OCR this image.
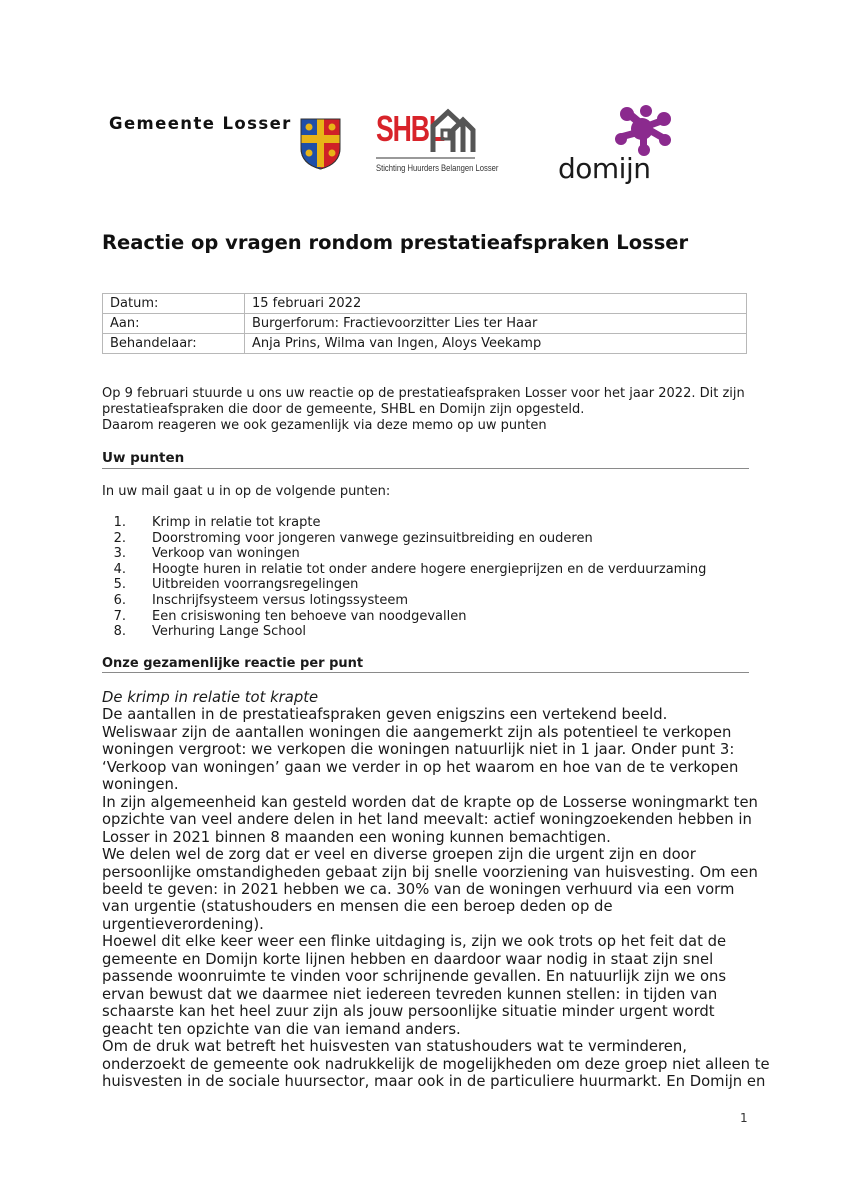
Gemeente Losser SHBL
Stichting Huurders Belangen Losser domijn
Reactie op vragen rondom prestatieafspraken Losser
Datum:	15 februari 2022
Aan:	Burgerforum: Fractievoorzitter Lies ter Haar
Behandelaar:	Anja Prins, Wilma van Ingen, Aloys Veekamp

Op 9 februari stuurde u ons uw reactie op de prestatieafspraken Losser voor het jaar 2022. Dit zijn

prestatieafspraken die door de gemeente, SHBL en Domijn zijn opgesteld.

Daarom reageren we ook gezamenlijk via deze memo op uw punten

Uw punten

In uw mail gaat u in op de volgende punten:

1. Krimp in relatie tot krapte
2. Doorstroming voor jongeren vanwege gezinsuitbreiding en ouderen
3. Verkoop van woningen
4. Hoogte huren in relatie tot onder andere hogere energieprijzen en de verduurzaming
5. Uitbreiden voorrangsregelingen
6. Inschrijfsysteem versus lotingssysteem
7. Een crisiswoning ten behoeve van noodgevallen
8. Verhuring Lange School
Onze gezamenlijke reactie per punt

De krimp in relatie tot krapte

De aantallen in de prestatieafspraken geven enigszins een vertekend beeld.

Weliswaar zijn de aantallen woningen die aangemerkt zijn als potentieel te verkopen

woningen vergroot: we verkopen die woningen natuurlijk niet in 1 jaar. Onder punt 3:

‘Verkoop van woningen’ gaan we verder in op het waarom en hoe van de te verkopen

woningen.

In zijn algemeenheid kan gesteld worden dat de krapte op de Losserse woningmarkt ten

opzichte van veel andere delen in het land meevalt: actief woningzoekenden hebben in

Losser in 2021 binnen 8 maanden een woning kunnen bemachtigen.

We delen wel de zorg dat er veel en diverse groepen zijn die urgent zijn en door

persoonlijke omstandigheden gebaat zijn bij snelle voorziening van huisvesting. Om een

beeld te geven: in 2021 hebben we ca. 30% van de woningen verhuurd via een vorm

van urgentie (statushouders en mensen die een beroep deden op de

urgentieverordening).

Hoewel dit elke keer weer een flinke uitdaging is, zijn we ook trots op het feit dat de

gemeente en Domijn korte lijnen hebben en daardoor waar nodig in staat zijn snel

passende woonruimte te vinden voor schrijnende gevallen. En natuurlijk zijn we ons

ervan bewust dat we daarmee niet iedereen tevreden kunnen stellen: in tijden van

schaarste kan het heel zuur zijn als jouw persoonlijke situatie minder urgent wordt

geacht ten opzichte van die van iemand anders.

Om de druk wat betreft het huisvesten van statushouders wat te verminderen,

onderzoekt de gemeente ook nadrukkelijk de mogelijkheden om deze groep niet alleen te

huisvesten in de sociale huursector, maar ook in de particuliere huurmarkt. En Domijn en

1
